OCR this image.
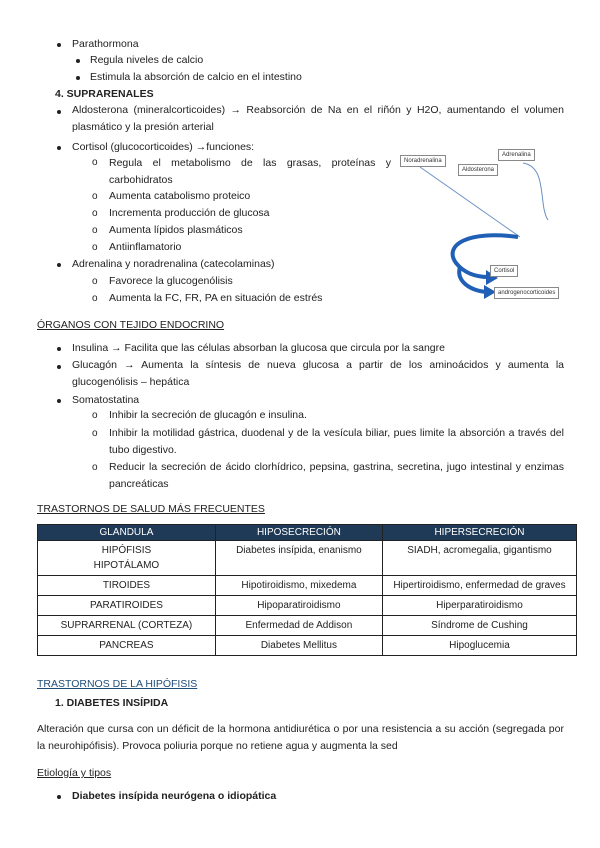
Parathormona
Regula niveles de calcio
Estimula la absorción de calcio en el intestino
4. SUPRARENALES
Aldosterona (mineralcorticoides) → Reabsorción de Na en el riñón y H2O, aumentando el volumen plasmático y la presión arterial
Cortisol (glucocorticoides) →funciones:
o Regula el metabolismo de las grasas, proteínas y carbohidratos
o Aumenta catabolismo proteico
o Incrementa producción de glucosa
o Aumenta lípidos plasmáticos
o Antiinflamatorio
Adrenalina y noradrenalina (catecolaminas)
o Favorece la glucogenólisis
o Aumenta la FC, FR, PA en situación de estrés
Noradrenalina
Adrenalina
Aldosterona
Cortisol
androgenocorticoides
ÓRGANOS CON TEJIDO ENDOCRINO
Insulina → Facilita que las células absorban la glucosa que circula por la sangre
Glucagón → Aumenta la síntesis de nueva glucosa a partir de los aminoácidos y aumenta la glucogenólisis – hepática
Somatostatina
o Inhibir la secreción de glucagón e insulina.
o Inhibir la motilidad gástrica, duodenal y de la vesícula biliar, pues limite la absorción a través del tubo digestivo.
o Reducir la secreción de ácido clorhídrico, pepsina, gastrina, secretina, jugo intestinal y enzimas pancreáticas
TRASTORNOS DE SALUD MÁS FRECUENTES
GLANDULA	HIPOSECRECIÓN	HIPERSECRECIÓN
HIPÓFISIS HIPOTÁLAMO	Diabetes insípida, enanismo	SIADH, acromegalia, gigantismo
TIROIDES	Hipotiroidismo, mixedema	Hipertiroidismo, enfermedad de graves
PARATIROIDES	Hipoparatiroidismo	Hiperparatiroidismo
SUPRARRENAL (CORTEZA)	Enfermedad de Addison	Síndrome de Cushing
PANCREAS	Diabetes Mellitus	Hipoglucemia
TRASTORNOS DE LA HIPÓFISIS
1. DIABETES INSÍPIDA
Alteración que cursa con un déficit de la hormona antidiurética o por una resistencia a su acción (segregada por la neurohipófisis). Provoca poliuria porque no retiene agua y augmenta la sed
Etiología y tipos
Diabetes insípida neurógena o idiopática
